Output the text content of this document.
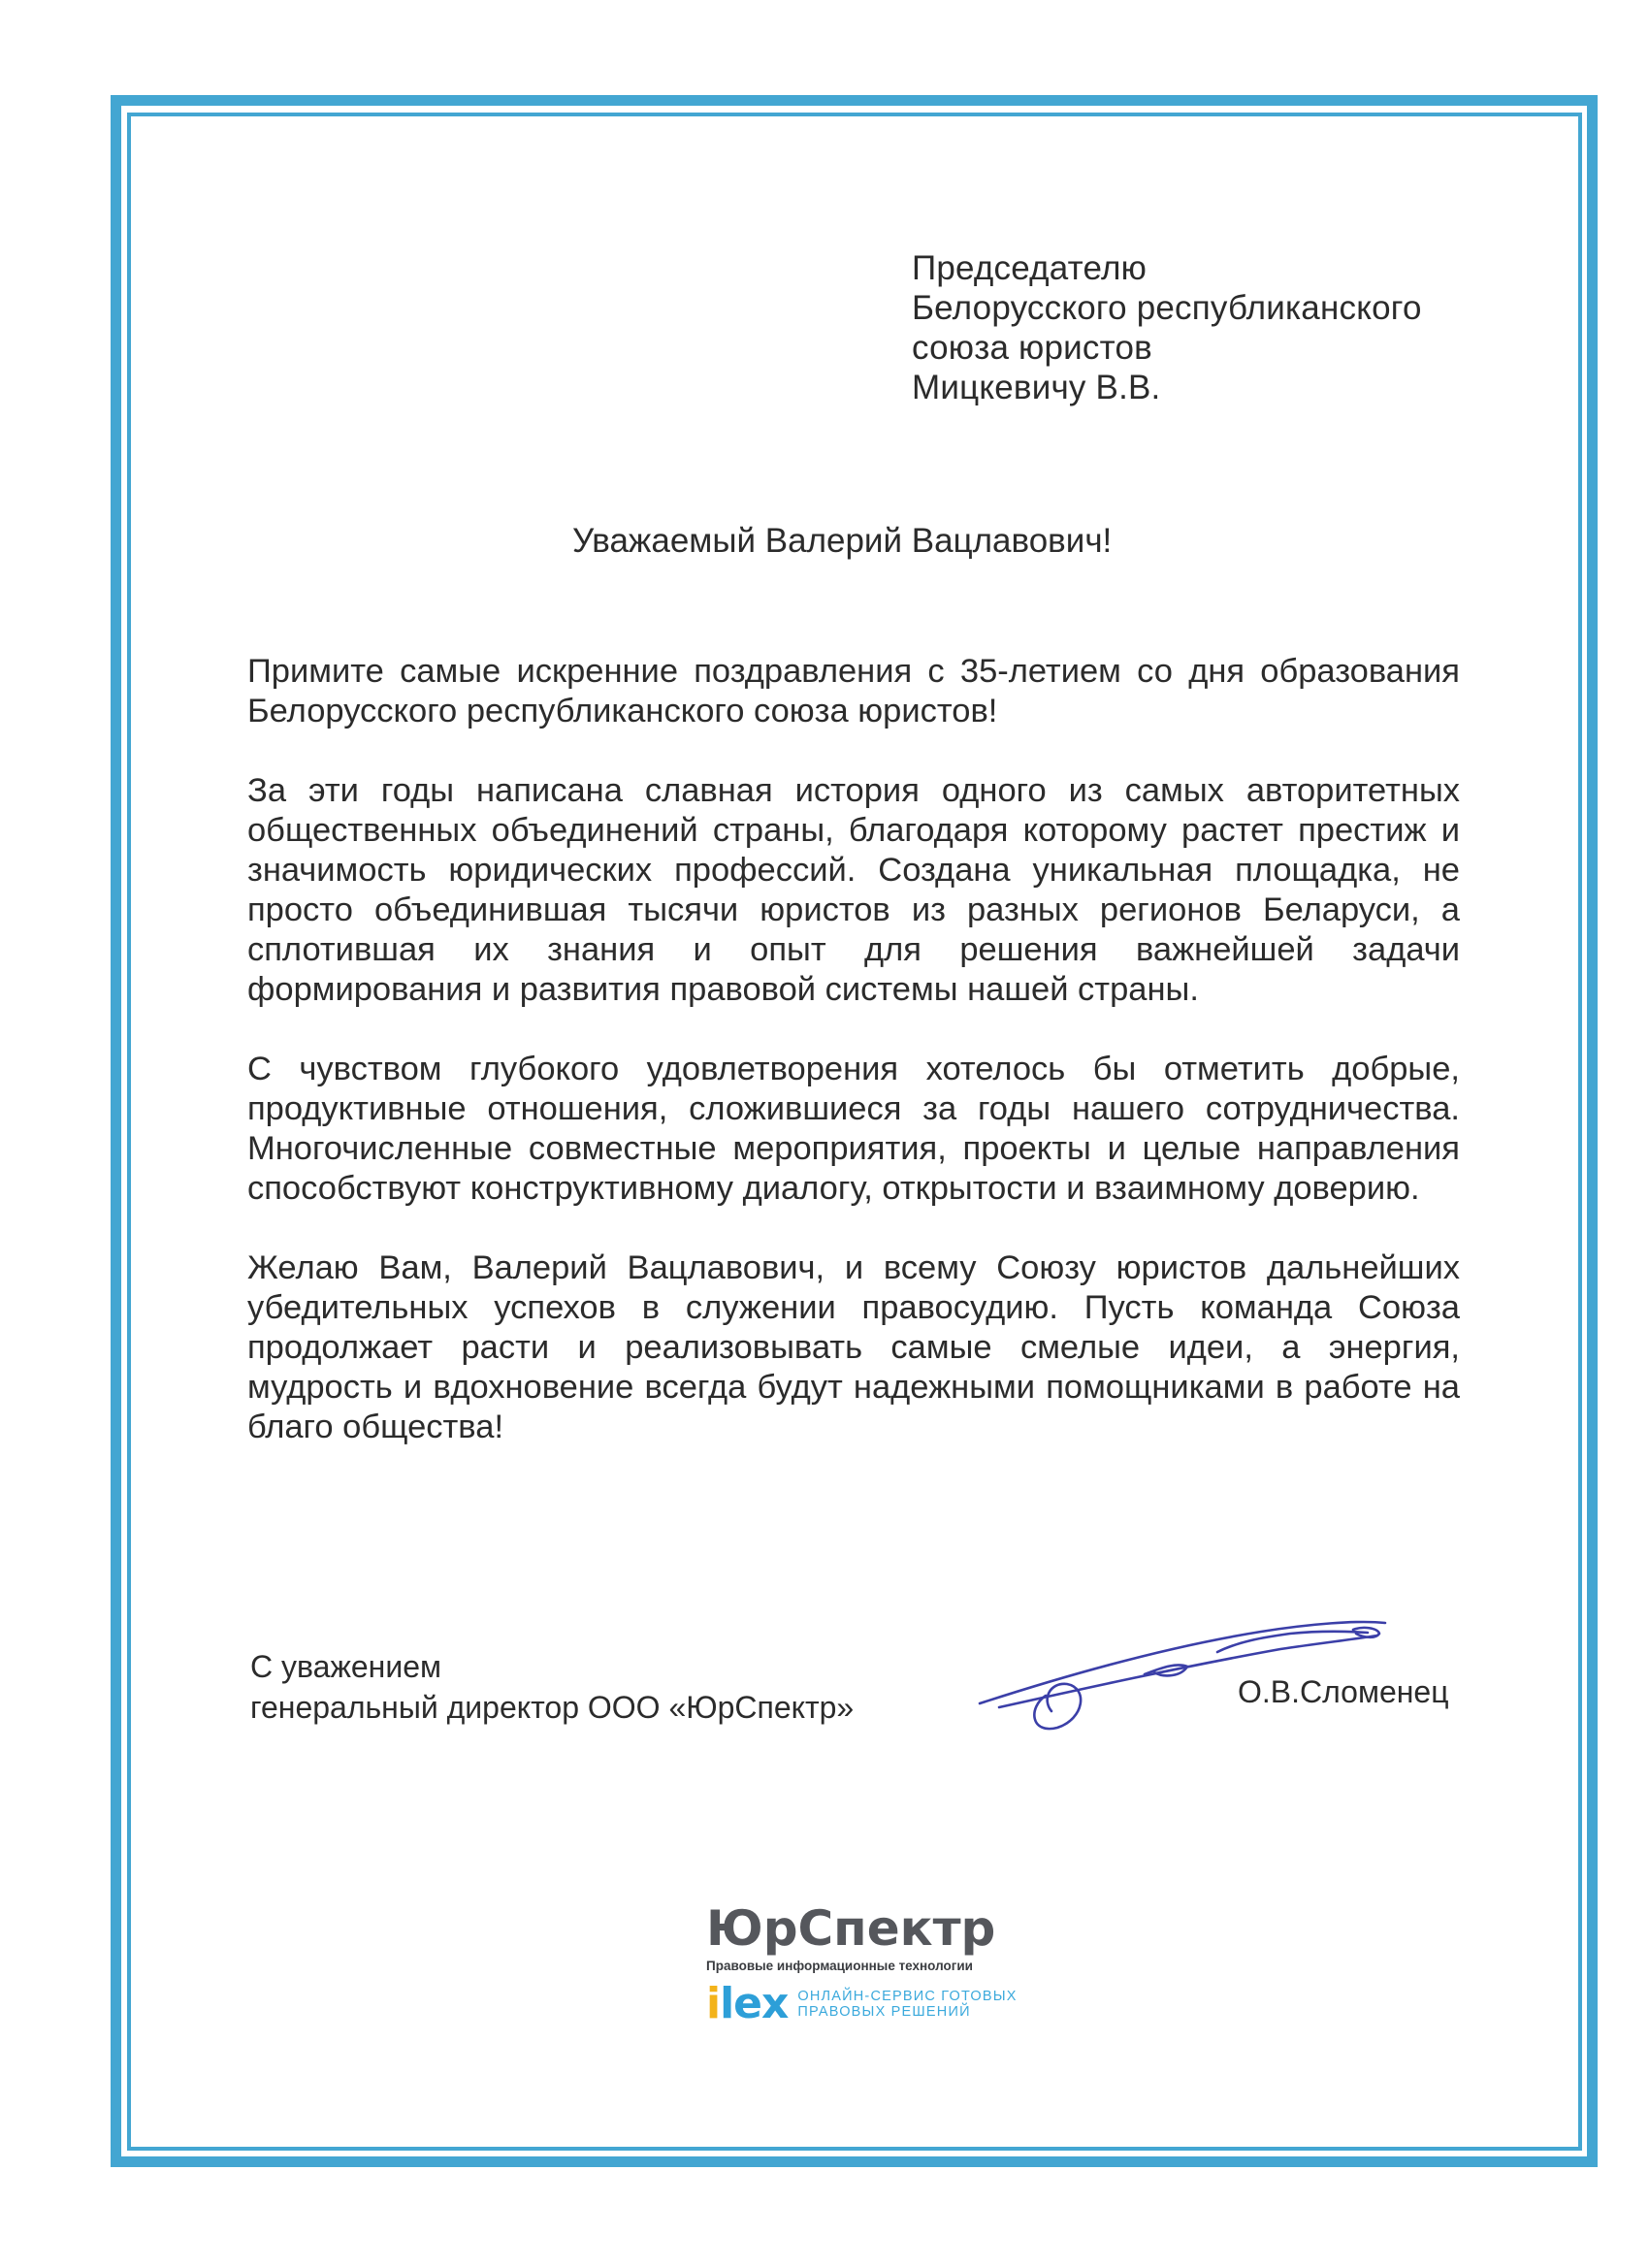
Председателю
Белорусского республиканского
союза юристов
Мицкевичу В.В.
Уважаемый Валерий Вацлавович!

Примите самые искренние поздравления с 35-летием со дня образования Белорусского республиканского союза юристов!

За эти годы написана славная история одного из самых авторитетных общественных объединений страны, благодаря которому растет престиж и значимость юридических профессий. Создана уникальная площадка, не просто объединившая тысячи юристов из разных регионов Беларуси, а сплотившая их знания и опыт для решения важнейшей задачи формирования и развития правовой системы нашей страны.

С чувством глубокого удовлетворения хотелось бы отметить добрые, продуктивные отношения, сложившиеся за годы нашего сотрудничества. Многочисленные совместные мероприятия, проекты и целые направления способствуют конструктивному диалогу, открытости и взаимному доверию.

Желаю Вам, Валерий Вацлавович, и всему Союзу юристов дальнейших убедительных успехов в служении правосудию. Пусть команда Союза продолжает расти и реализовывать самые смелые идеи, а энергия, мудрость и вдохновение всегда будут надежными помощниками в работе на благо общества!

С уважением
генеральный директор ООО «ЮрСпектр»	О.В.Сломенец
ЮрСпектр
Правовые информационные технологии
ilex ОНЛАЙН-СЕРВИС ГОТОВЫХ
ПРАВОВЫХ РЕШЕНИЙ
